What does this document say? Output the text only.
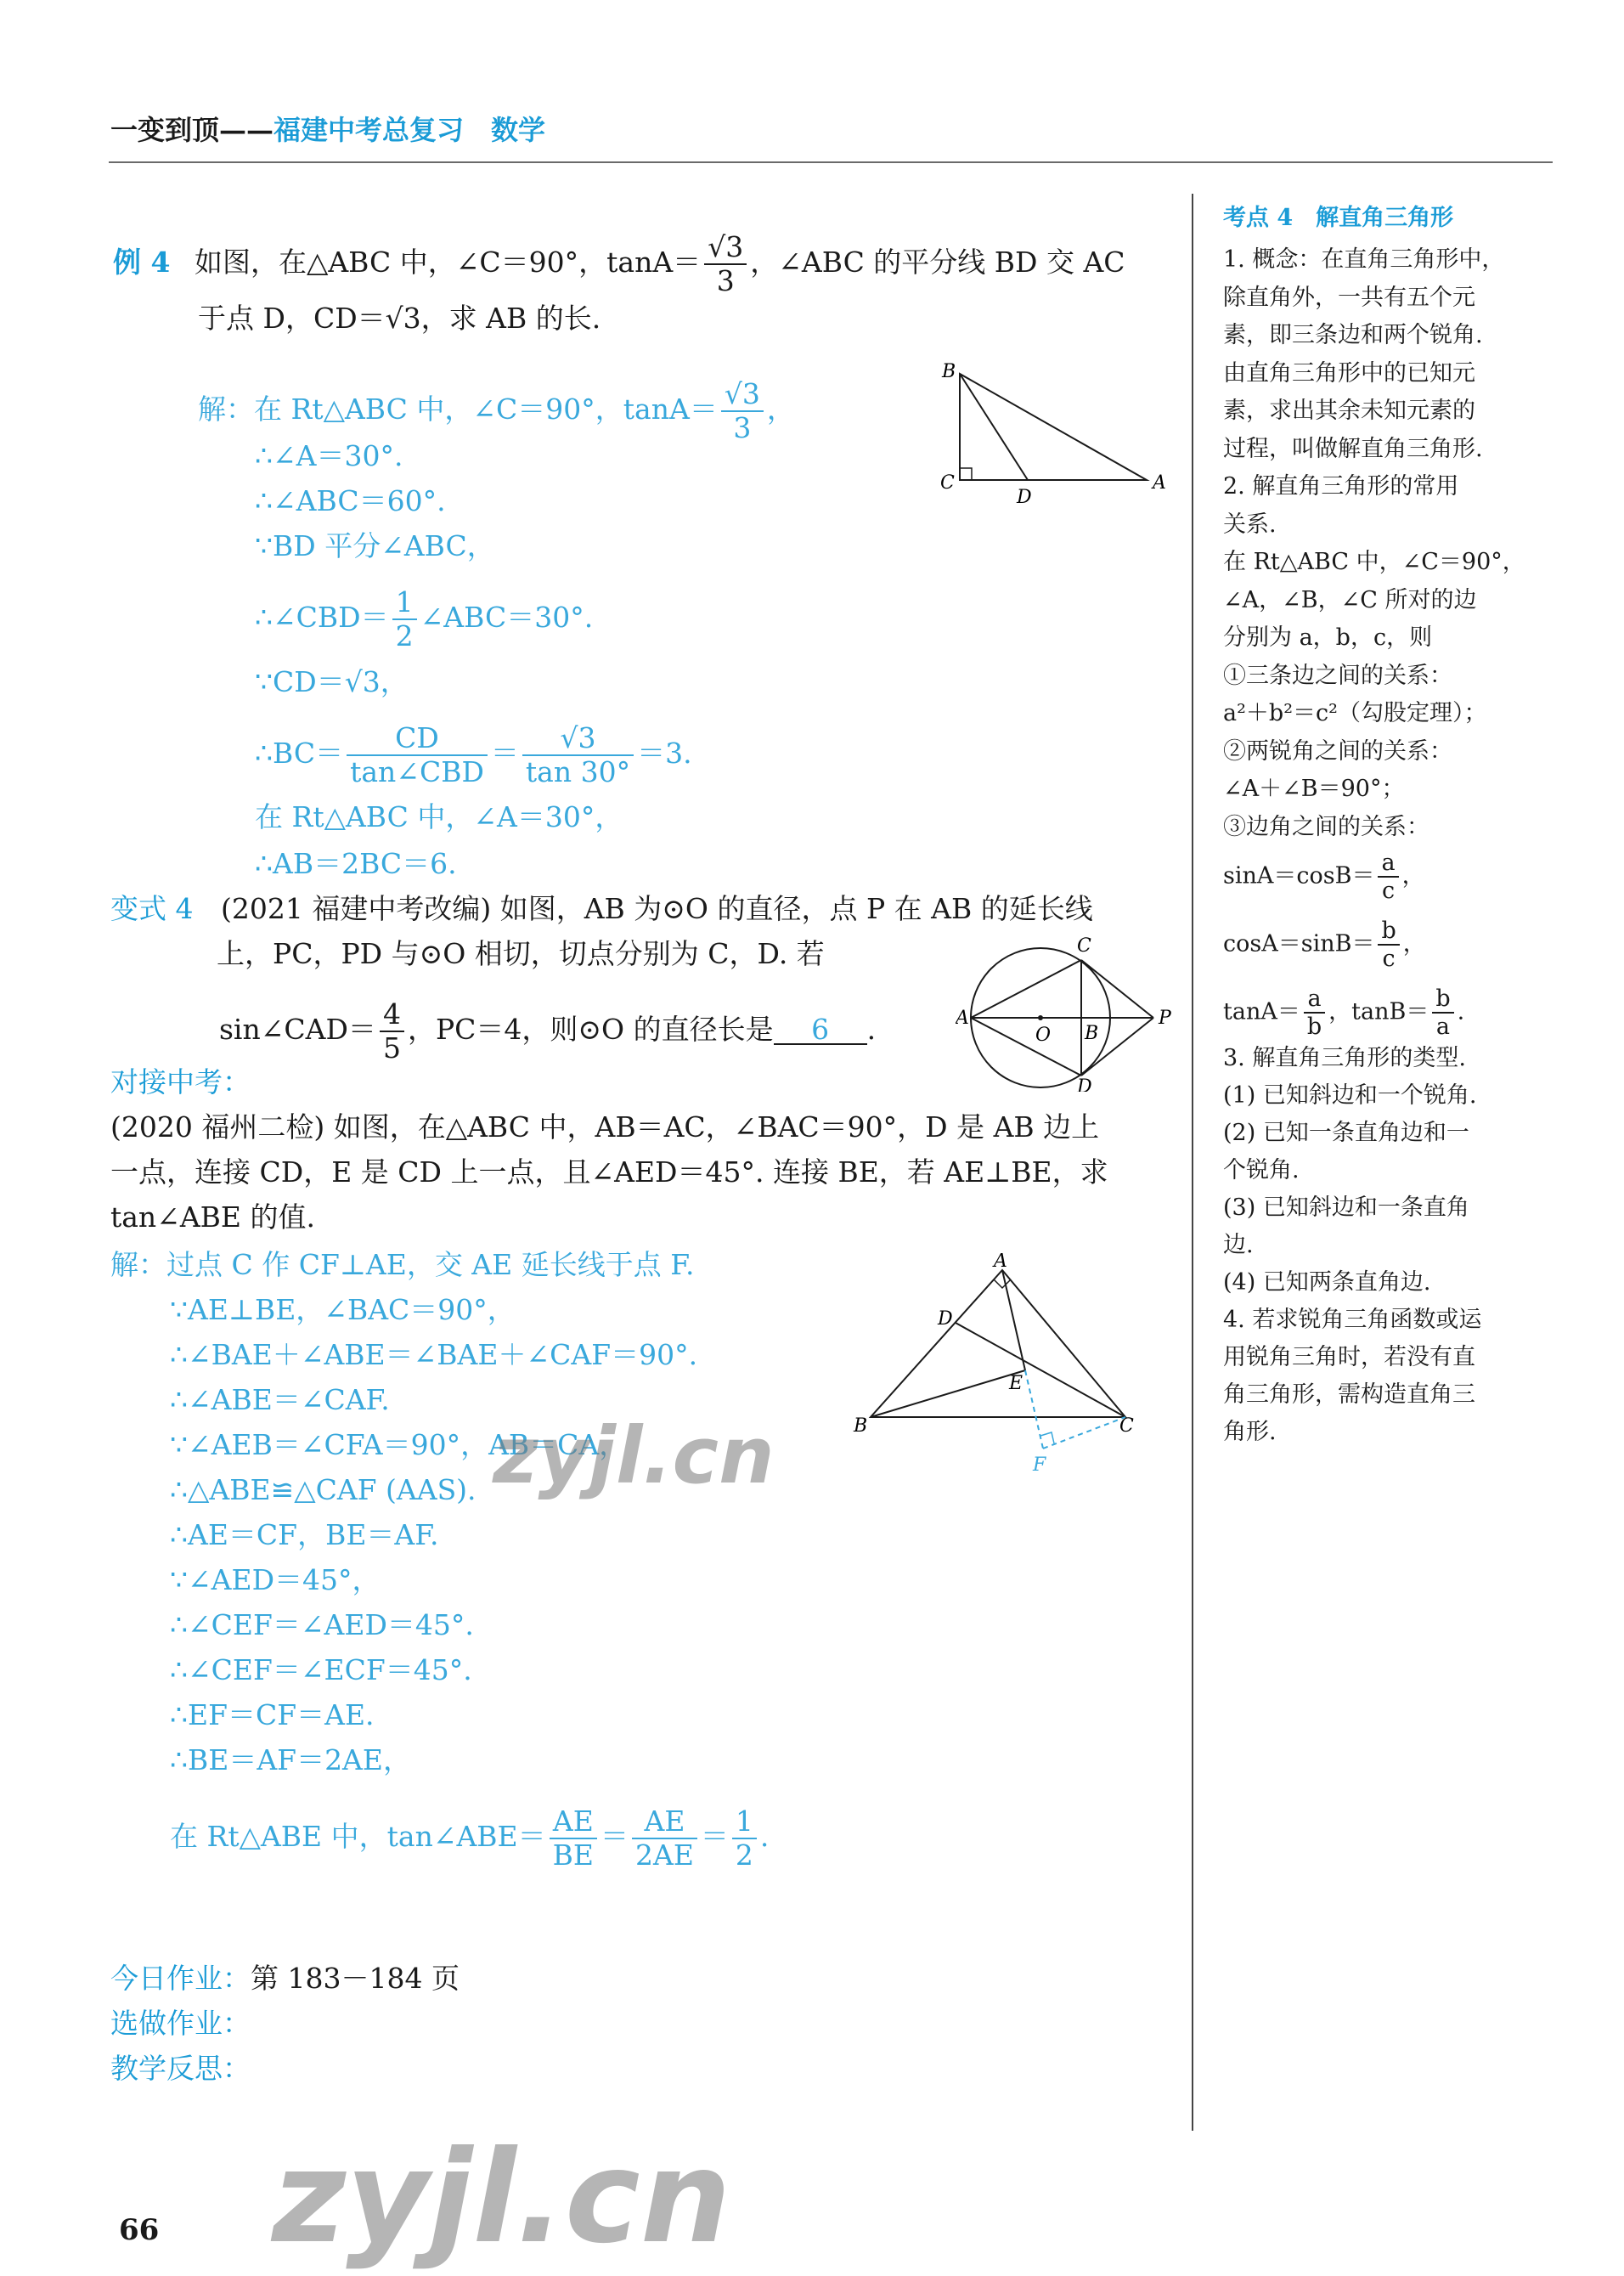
一变到顶——福建中考总复习　数学
例 4 如图，在△ABC 中，∠C＝90°，$\tan A= \frac{√3}{3}$ ，∠ABC 的平分线 BD 交 AC
于点 D，CD＝√3，求 AB 的长.
解：在 Rt△ABC 中，∠C＝90°，$\tan A= \frac{√3}{3}$ ，
∴∠A＝30°.
∴∠ABC＝60°.
∵BD 平分∠ABC，
∴∠CBD＝ $\frac{1}{2}$ ∠ABC＝30°.
∵CD＝√3，
∴BC＝ $\frac{CD}{\text{tan∠CBD}} = \frac{√3}{\tan 30^\circ} =3$.
在 Rt△ABC 中，∠A＝30°，
∴AB＝2BC＝6.
B
C
D
A
变式 4 (2021 福建中考改编) 如图，AB 为⊙O 的直径，点 P 在 AB 的延长线
上，PC，PD 与⊙O 相切，切点分别为 C，D. 若
sin∠CAD＝ $\frac{4}{5}$ ，PC＝4，则⊙O 的直径长是 6 .	A
O B
P
C
D
对接中考：
(2020 福州二检) 如图，在△ABC 中，AB＝AC，∠BAC＝90°，D 是 AB 边上
一点，连接 CD，E 是 CD 上一点，且∠AED＝45°. 连接 BE，若 AE⊥BE，求
tan∠ABE 的值.
解：过点 C 作 CF⊥AE，交 AE 延长线于点 F.
∵AE⊥BE，∠BAC＝90°，
∴∠BAE＋∠ABE＝∠BAE＋∠CAF＝90°.
∴∠ABE＝∠CAF.
∵∠AEB＝∠CFA＝90°，AB＝CA，
∴△ABE≌△CAF (AAS).
∴AE＝CF，BE＝AF.
∵∠AED＝45°，
∴∠CEF＝∠AED＝45°.
∴∠CEF＝∠ECF＝45°.
∴EF＝CF＝AE.
∴BE＝AF＝2AE，
在 Rt△ABE 中，tan∠ABE＝ $\frac{AE}{BE} = \frac{AE}{2AE} = \frac{1}{2}$ .
A
D
E
B	C
F
今日作业：第 183－184 页
选做作业：
教学反思：
66
考点 4　解直角三角形
1. 概念：在直角三角形中，
除直角外，一共有五个元
素，即三条边和两个锐角.
由直角三角形中的已知元
素，求出其余未知元素的
过程，叫做解直角三角形.
2. 解直角三角形的常用
关系.
在 Rt△ABC 中，∠C＝90°，
∠A，∠B，∠C 所对的边
分别为 a，b，c，则
①三条边之间的关系：
a²＋b²＝c²（勾股定理）；
②两锐角之间的关系：
∠A＋∠B＝90°；
③边角之间的关系：
$\sin A=\cos B= \frac{a}{c}$ ，
$\cos A=\sin B= \frac{b}{c}$ ，
$\tan A= \frac{a}{b}$ ，$\tan B= \frac{b}{a}$ .
3. 解直角三角形的类型.
(1) 已知斜边和一个锐角.
(2) 已知一条直角边和一
个锐角.
(3) 已知斜边和一条直角
边.
(4) 已知两条直角边.
4. 若求锐角三角函数或运
用锐角三角时，若没有直
角三角形，需构造直角三
角形.
zyjl.cn
zyjl.cn
